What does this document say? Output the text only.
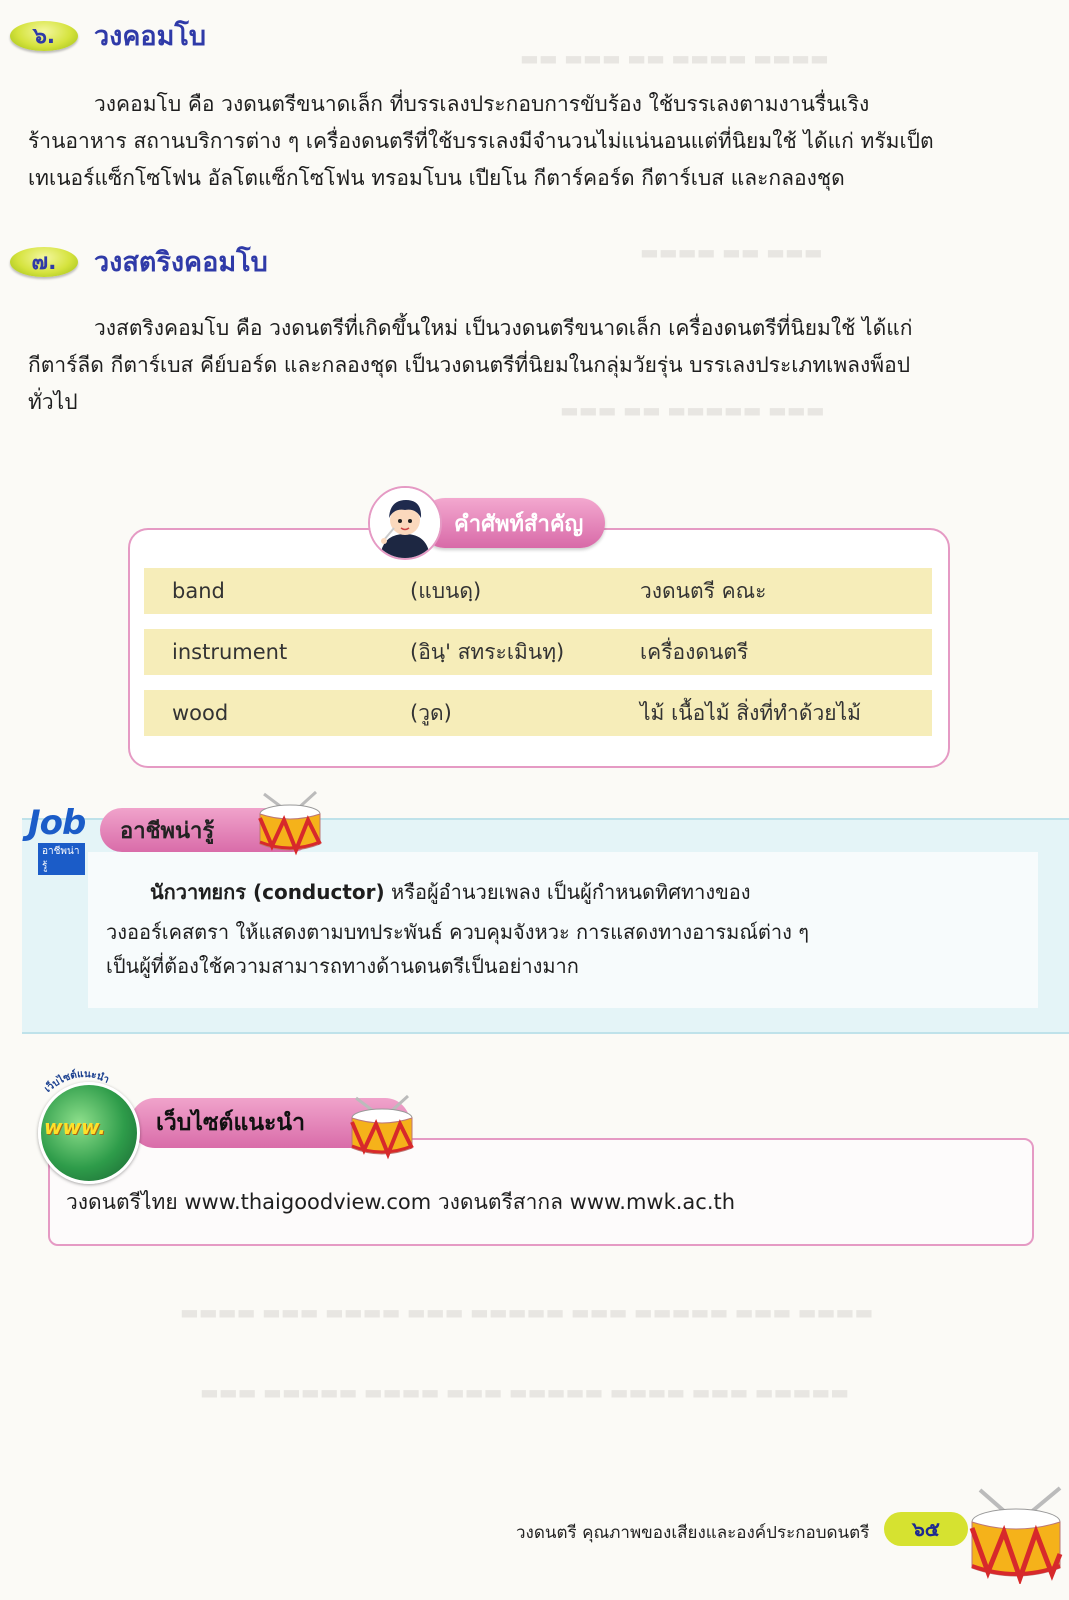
▬▬ ▬▬▬ ▬▬ ▬▬▬▬ ▬▬▬▬
▬▬▬▬ ▬▬ ▬▬▬
▬▬▬ ▬▬ ▬▬▬▬▬ ▬▬▬
▬▬▬▬ ▬▬▬ ▬▬▬▬ ▬▬▬ ▬▬▬▬▬ ▬▬▬ ▬▬▬▬▬ ▬▬▬ ▬▬▬▬
▬▬▬ ▬▬▬▬▬ ▬▬▬▬ ▬▬▬ ▬▬▬▬▬ ▬▬▬▬ ▬▬▬ ▬▬▬▬▬
๖.	วงคอมโบ
วงคอมโบ คือ วงดนตรีขนาดเล็ก ที่บรรเลงประกอบการขับร้อง ใช้บรรเลงตามงานรื่นเริง
ร้านอาหาร สถานบริการต่าง ๆ เครื่องดนตรีที่ใช้บรรเลงมีจำนวนไม่แน่นอนแต่ที่นิยมใช้ ได้แก่ ทรัมเป็ต
เทเนอร์แซ็กโซโฟน อัลโตแซ็กโซโฟน ทรอมโบน เปียโน กีตาร์คอร์ด กีตาร์เบส และกลองชุด
๗.	วงสตริงคอมโบ
วงสตริงคอมโบ คือ วงดนตรีที่เกิดขึ้นใหม่ เป็นวงดนตรีขนาดเล็ก เครื่องดนตรีที่นิยมใช้ ได้แก่
กีตาร์ลีด กีตาร์เบส คีย์บอร์ด และกลองชุด เป็นวงดนตรีที่นิยมในกลุ่มวัยรุ่น บรรเลงประเภทเพลงพ็อป
ทั่วไป
คำศัพท์สำคัญ
band	(แบนดฺ)	วงดนตรี คณะ
instrument	(อินฺ' สทระเมินทฺ)	เครื่องดนตรี
wood	(วูด)	ไม้ เนื้อไม้ สิ่งที่ทำด้วยไม้
อาชีพน่ารู้
Job
อาชีพน่ารู้
นักวาทยกร (conductor) หรือผู้อำนวยเพลง เป็นผู้กำหนดทิศทางของ
วงออร์เคสตรา ให้แสดงตามบทประพันธ์ ควบคุมจังหวะ การแสดงทางอารมณ์ต่าง ๆ
เป็นผู้ที่ต้องใช้ความสามารถทางด้านดนตรีเป็นอย่างมาก
เว็บไซต์แนะนำ
เว็บไซต์แนะนำ
www.
วงดนตรีไทย www.thaigoodview.com วงดนตรีสากล www.mwk.ac.th
วงดนตรี คุณภาพของเสียงและองค์ประกอบดนตรี	๖๕
